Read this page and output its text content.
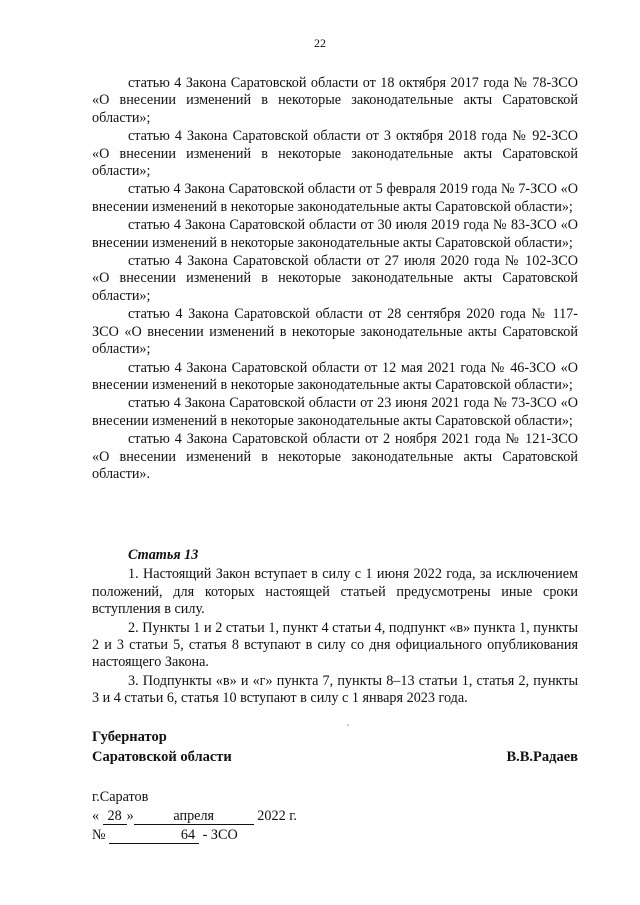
22

статью 4 Закона Саратовской области от 18 октября 2017 года № 78-ЗСО «О внесении изменений в некоторые законодательные акты Саратовской области»;

статью 4 Закона Саратовской области от 3 октября 2018 года № 92-ЗСО «О внесении изменений в некоторые законодательные акты Саратовской области»;

статью 4 Закона Саратовской области от 5 февраля 2019 года № 7-ЗСО «О внесении изменений в некоторые законодательные акты Саратовской области»;

статью 4 Закона Саратовской области от 30 июля 2019 года № 83-ЗСО «О внесении изменений в некоторые законодательные акты Саратовской области»;

статью 4 Закона Саратовской области от 27 июля 2020 года № 102-ЗСО «О внесении изменений в некоторые законодательные акты Саратовской области»;

статью 4 Закона Саратовской области от 28 сентября 2020 года № 117-ЗСО «О внесении изменений в некоторые законодательные акты Саратовской области»;

статью 4 Закона Саратовской области от 12 мая 2021 года № 46-ЗСО «О внесении изменений в некоторые законодательные акты Саратовской области»;

статью 4 Закона Саратовской области от 23 июня 2021 года № 73-ЗСО «О внесении изменений в некоторые законодательные акты Саратовской области»;

статью 4 Закона Саратовской области от 2 ноября 2021 года № 121-ЗСО «О внесении изменений в некоторые законодательные акты Саратовской области».

Статья 13

1. Настоящий Закон вступает в силу с 1 июня 2022 года, за исключением положений, для которых настоящей статьей предусмотрены иные сроки вступления в силу.

2. Пункты 1 и 2 статьи 1, пункт 4 статьи 4, подпункт «в» пункта 1, пункты 2 и 3 статьи 5, статья 8 вступают в силу со дня официального опубликования настоящего Закона.

3. Подпункты «в» и «г» пункта 7, пункты 8–13 статьи 1, статья 2, пункты 3 и 4 статьи 6, статья 10 вступают в силу с 1 января 2023 года.

Губернатор
Саратовской области	В.В.Радаев
г.Саратов
« 28 »	апреля	2022 г.
№	64 - ЗСО
